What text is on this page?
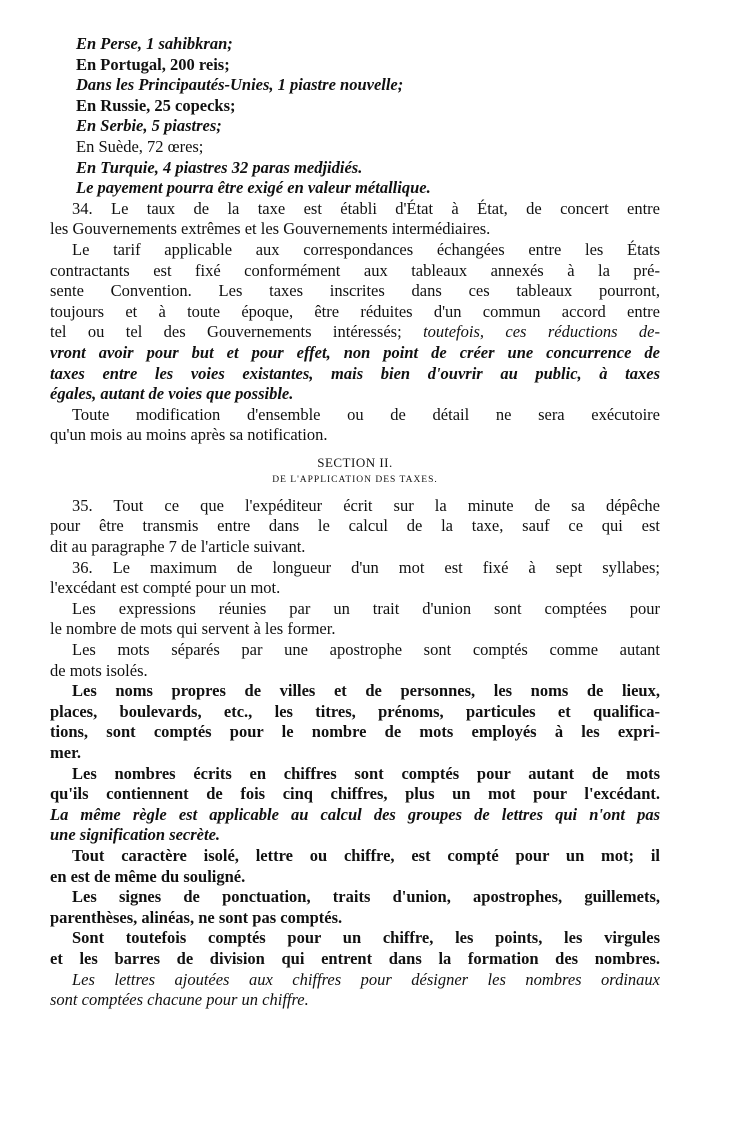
En Perse, 1 sahibkran;
En Portugal, 200 reis;
Dans les Principautés-Unies, 1 piastre nouvelle;
En Russie, 25 copecks;
En Serbie, 5 piastres;
En Suède, 72 œres;
En Turquie, 4 piastres 32 paras medjidiés.
Le payement pourra être exigé en valeur métallique.
34. Le taux de la taxe est établi d'État à État, de concert entre
les Gouvernements extrêmes et les Gouvernements intermédiaires.
Le tarif applicable aux correspondances échangées entre les États
contractants est fixé conformément aux tableaux annexés à la pré-
sente Convention. Les taxes inscrites dans ces tableaux pourront,
toujours et à toute époque, être réduites d'un commun accord entre
tel ou tel des Gouvernements intéressés; toutefois, ces réductions de-
vront avoir pour but et pour effet, non point de créer une concurrence de
taxes entre les voies existantes, mais bien d'ouvrir au public, à taxes
égales, autant de voies que possible.
Toute modification d'ensemble ou de détail ne sera exécutoire
qu'un mois au moins après sa notification.
SECTION II.
DE L'APPLICATION DES TAXES.
35. Tout ce que l'expéditeur écrit sur la minute de sa dépêche
pour être transmis entre dans le calcul de la taxe, sauf ce qui est
dit au paragraphe 7 de l'article suivant.
36. Le maximum de longueur d'un mot est fixé à sept syllabes;
l'excédant est compté pour un mot.
Les expressions réunies par un trait d'union sont comptées pour
le nombre de mots qui servent à les former.
Les mots séparés par une apostrophe sont comptés comme autant
de mots isolés.
Les noms propres de villes et de personnes, les noms de lieux,
places, boulevards, etc., les titres, prénoms, particules et qualifica-
tions, sont comptés pour le nombre de mots employés à les expri-
mer.
Les nombres écrits en chiffres sont comptés pour autant de mots
qu'ils contiennent de fois cinq chiffres, plus un mot pour l'excédant.
La même règle est applicable au calcul des groupes de lettres qui n'ont pas
une signification secrète.
Tout caractère isolé, lettre ou chiffre, est compté pour un mot; il
en est de même du souligné.
Les signes de ponctuation, traits d'union, apostrophes, guillemets,
parenthèses, alinéas, ne sont pas comptés.
Sont toutefois comptés pour un chiffre, les points, les virgules
et les barres de division qui entrent dans la formation des nombres.
Les lettres ajoutées aux chiffres pour désigner les nombres ordinaux
sont comptées chacune pour un chiffre.
